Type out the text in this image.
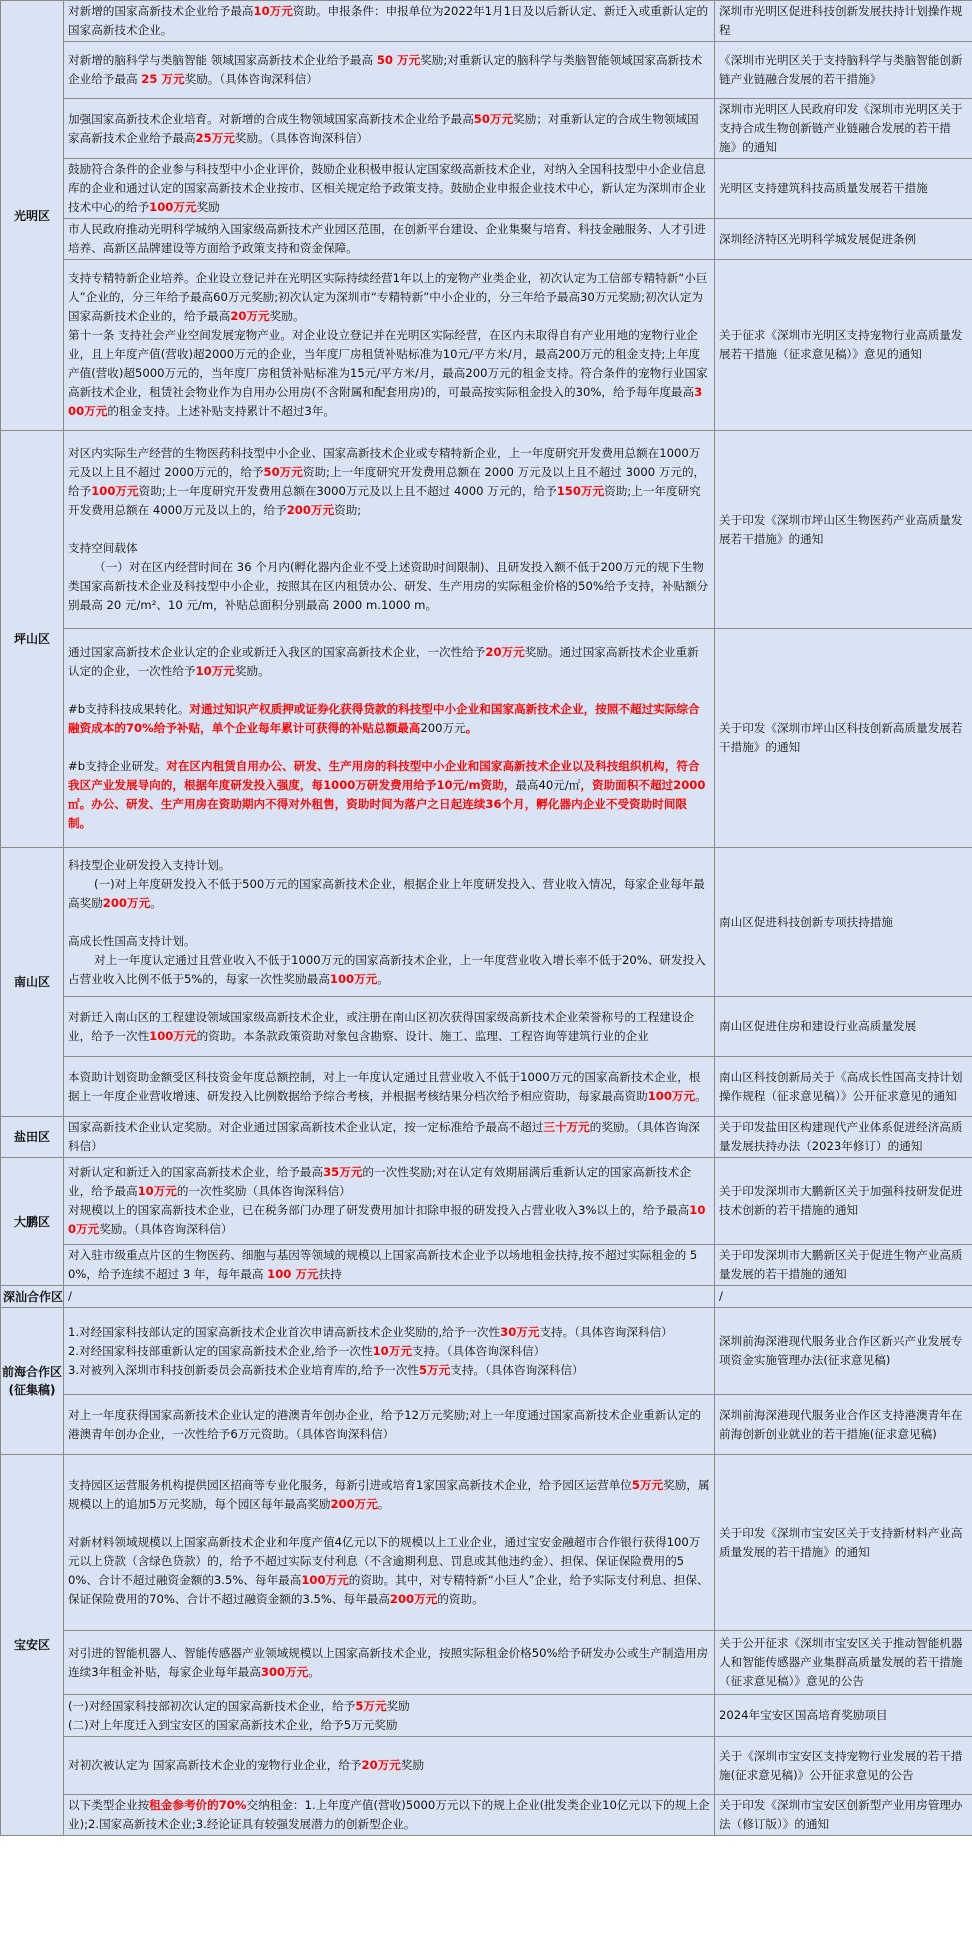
光明区	对新增的国家高新技术企业给予最高10万元资助。申报条件：申报单位为2022年1月1日及以后新认定、新迁入或重新认定的国家高新技术企业。	深圳市光明区促进科技创新发展扶持计划操作规程

	对新增的脑科学与类脑智能 领域国家高新技术企业给予最高 50 万元奖励;对重新认定的脑科学与类脑智能领域国家高新技术企业给予最高 25 万元奖励。（具体咨询深科信）	《深圳市光明区关于支持脑科学与类脑智能创新链产业链融合发展的若干措施》

	加强国家高新技术企业培育。对新增的合成生物领域国家高新技术企业给予最高50万元奖励；对重新认定的合成生物领域国家高新技术企业给予最高25万元奖励。（具体咨询深科信）	深圳市光明区人民政府印发《深圳市光明区关于支持合成生物创新链产业链融合发展的若干措施》的通知

	鼓励符合条件的企业参与科技型中小企业评价，鼓励企业积极申报认定国家级高新技术企业，对纳入全国科技型中小企业信息库的企业和通过认定的国家高新技术企业按市、区相关规定给予政策支持。鼓励企业申报企业技术中心，新认定为深圳市企业技术中心的给予100万元奖励	光明区支持建筑科技高质量发展若干措施

	市人民政府推动光明科学城纳入国家级高新技术产业园区范围，在创新平台建设、企业集聚与培育、科技金融服务、人才引进培养、高新区品牌建设等方面给予政策支持和资金保障。	深圳经济特区光明科学城发展促进条例

	支持专精特新企业培养。企业设立登记并在光明区实际持续经营1年以上的宠物产业类企业，初次认定为工信部专精特新“小巨人”企业的，分三年给予最高60万元奖励;初次认定为深圳市“专精特新”中小企业的，分三年给予最高30万元奖励;初次认定为国家高新技术企业的，给予最高20万元奖励。
第十一条 支持社会产业空间发展宠物产业。对企业设立登记并在光明区实际经营，在区内未取得自有产业用地的宠物行业企业，且上年度产值(营收)超2000万元的企业，当年度厂房租赁补贴标准为10元/平方米/月，最高200万元的租金支持;上年度产值(营收)超5000万元的，当年度厂房租赁补贴标准为15元/平方米/月，最高200万元的租金支持。符合条件的宠物行业国家高新技术企业，租赁社会物业作为自用办公用房(不含附属和配套用房)的，可最高按实际租金投入的30%，给予每年度最高300万元的租金支持。上述补贴支持累计不超过3年。	关于征求《深圳市光明区支持宠物行业高质量发展若干措施（征求意见稿）》意见的通知
坪山区	对区内实际生产经营的生物医药科技型中小企业、国家高新技术企业或专精特新企业，上一年度研究开发费用总额在1000万元及以上且不超过 2000万元的，给予50万元资助;上一年度研究开发费用总额在 2000 万元及以上且不超过 3000 万元的，给予100万元资助;上一年度研究开发费用总额在3000万元及以上且不超过 4000 万元的，给予150万元资助;上一年度研究开发费用总额在 4000万元及以上的，给予200万元资助;
支持空间载体
（一）对在区内经营时间在 36 个月内(孵化器内企业不受上述资助时间限制)、且研发投入额不低于200万元的规下生物类国家高新技术企业及科技型中小企业，按照其在区内租赁办公、研发、生产用房的实际租金价格的50%给予支持，补贴额分别最高 20 元/m²、10 元/m，补贴总面积分别最高 2000 m.1000 m。	关于印发《深圳市坪山区生物医药产业高质量发展若干措施》的通知

	通过国家高新技术企业认定的企业或新迁入我区的国家高新技术企业，一次性给予20万元奖励。通过国家高新技术企业重新认定的企业，一次性给予10万元奖励。
#b支持科技成果转化。对通过知识产权质押或证券化获得贷款的科技型中小企业和国家高新技术企业，按照不超过实际综合融资成本的70%给予补贴，单个企业每年累计可获得的补贴总额最高200万元。
#b支持企业研发。对在区内租赁自用办公、研发、生产用房的科技型中小企业和国家高新技术企业以及科技组织机构，符合我区产业发展导向的，根据年度研发投入强度，每1000万研发费用给予10元/m资助，最高40元/㎡，资助面积不超过2000㎡。办公、研发、生产用房在资助期内不得对外租售，资助时间为落户之日起连续36个月，孵化器内企业不受资助时间限制。	关于印发《深圳市坪山区科技创新高质量发展若干措施》的通知
南山区	科技型企业研发投入支持计划。
(一)对上年度研发投入不低于500万元的国家高新技术企业，根据企业上年度研发投入、营业收入情况，每家企业每年最高奖励200万元。
高成长性国高支持计划。
对上一年度认定通过且营业收入不低于1000万元的国家高新技术企业，上一年度营业收入增长率不低于20%、研发投入占营业收入比例不低于5%的，每家一次性奖励最高100万元。	南山区促进科技创新专项扶持措施

	对新迁入南山区的工程建设领域国家级高新技术企业，或注册在南山区初次获得国家级高新技术企业荣誉称号的工程建设企业，给予一次性100万元的资助。本条款政策资助对象包含勘察、设计、施工、监理、工程咨询等建筑行业的企业	南山区促进住房和建设行业高质量发展

	本资助计划资助金额受区科技资金年度总额控制，对上一年度认定通过且营业收入不低于1000万元的国家高新技术企业，根据上一年度企业营收增速、研发投入比例数据给予综合考核，并根据考核结果分档次给予相应资助，每家最高资助100万元。	南山区科技创新局关于《高成长性国高支持计划操作规程（征求意见稿）》公开征求意见的通知
盐田区	国家高新技术企业认定奖励。对企业通过国家高新技术企业认定，按一定标准给予最高不超过三十万元的奖励。（具体咨询深科信）	关于印发盐田区构建现代产业体系促进经济高质量发展扶持办法（2023年修订）的通知
大鹏区	对新认定和新迁入的国家高新技术企业，给予最高35万元的一次性奖励;对在认定有效期届满后重新认定的国家高新技术企业，给予最高10万元的一次性奖励（具体咨询深科信）
对规模以上的国家高新技术企业，已在税务部门办理了研发费用加计扣除申报的研发投入占营业收入3%以上的，给予最高100万元奖励。（具体咨询深科信）	关于印发深圳市大鹏新区关于加强科技研发促进技术创新的若干措施的通知

	对入驻市级重点片区的生物医药、细胞与基因等领域的规模以上国家高新技术企业予以场地租金扶持,按不超过实际租金的 50%，给予连续不超过 3 年，每年最高 100 万元扶持	关于印发深圳市大鹏新区关于促进生物产业高质量发展的若干措施的通知
深汕合作区	/	/
前海合作区(征集稿)	1.对经国家科技部认定的国家高新技术企业首次申请高新技术企业奖励的,给予一次性30万元支持。（具体咨询深科信）
2.对经国家科技部重新认定的国家高新技术企业,给予一次性10万元支持。（具体咨询深科信）
3.对被列入深圳市科技创新委员会高新技术企业培育库的,给予一次性5万元支持。（具体咨询深科信）	深圳前海深港现代服务业合作区新兴产业发展专项资金实施管理办法(征求意见稿)

	对上一年度获得国家高新技术企业认定的港澳青年创办企业，给予12万元奖励;对上一年度通过国家高新技术企业重新认定的港澳青年创办企业，一次性给予6万元资助。（具体咨询深科信）	深圳前海深港现代服务业合作区支持港澳青年在前海创新创业就业的若干措施(征求意见稿)
宝安区	支持园区运营服务机构提供园区招商等专业化服务，每新引进或培育1家国家高新技术企业，给予园区运营单位5万元奖励，属规模以上的追加5万元奖励，每个园区每年最高奖励200万元。
对新材料领域规模以上国家高新技术企业和年度产值4亿元以下的规模以上工业企业，通过宝安金融超市合作银行获得100万元以上贷款（含绿色贷款）的，给予不超过实际支付利息（不含逾期利息、罚息或其他违约金）、担保、保证保险费用的50%、合计不超过融资金额的3.5%、每年最高100万元的资助。其中，对专精特新“小巨人”企业，给予实际支付利息、担保、保证保险费用的70%、合计不超过融资金额的3.5%、每年最高200万元的资助。	关于印发《深圳市宝安区关于支持新材料产业高质量发展的若干措施》的通知

	对引进的智能机器人、智能传感器产业领域规模以上国家高新技术企业，按照实际租金价格50%给予研发办公或生产制造用房连续3年租金补贴，每家企业每年最高300万元。	关于公开征求《深圳市宝安区关于推动智能机器人和智能传感器产业集群高质量发展的若干措施（征求意见稿）》意见的公告

	(一)对经国家科技部初次认定的国家高新技术企业，给予5万元奖励
(二)对上年度迁入到宝安区的国家高新技术企业，给予5万元奖励	2024年宝安区国高培育奖励项目

	对初次被认定为 国家高新技术企业的宠物行业企业，给予20万元奖励	关于《深圳市宝安区支持宠物行业发展的若干措施(征求意见稿)》公开征求意见的公告

	以下类型企业按租金参考价的70%交纳租金：1.上年度产值(营收)5000万元以下的规上企业(批发类企业10亿元以下的规上企业);2.国家高新技术企业;3.经论证具有较强发展潜力的创新型企业。	关于印发《深圳市宝安区创新型产业用房管理办法（修订版）》的通知
